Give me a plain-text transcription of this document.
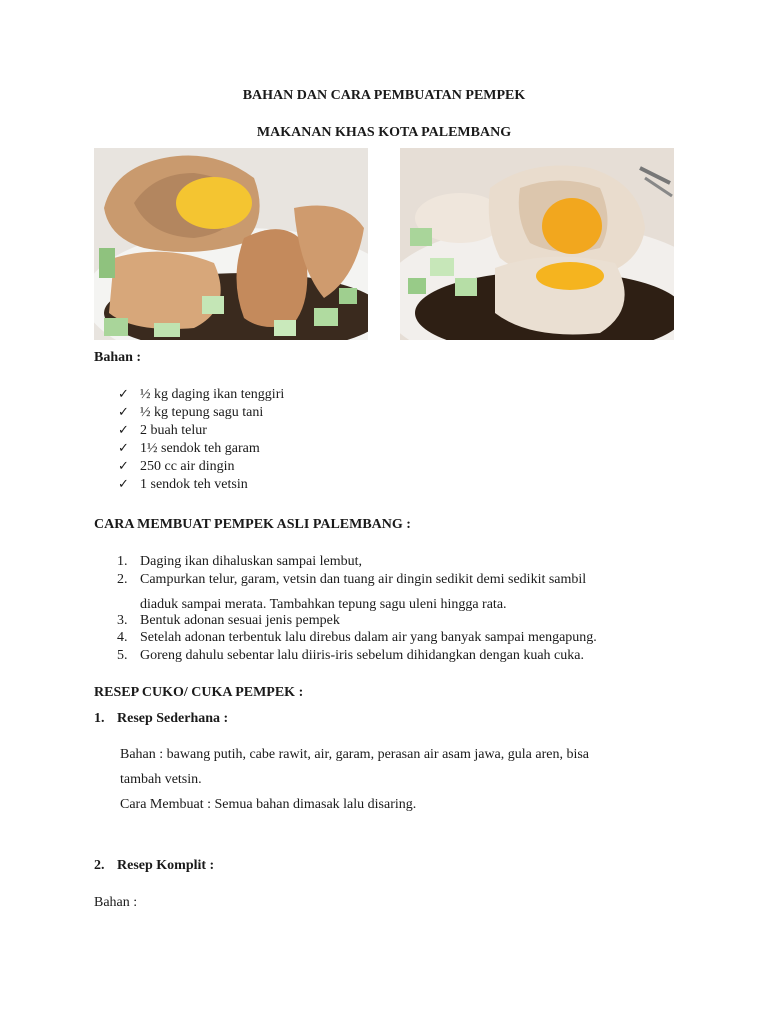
BAHAN DAN CARA PEMBUATAN PEMPEK
MAKANAN KHAS KOTA PALEMBANG
Bahan :
✓ ½ kg daging ikan tenggiri
✓ ½ kg tepung sagu tani
✓ 2 buah telur
✓ 1½ sendok teh garam
✓ 250 cc air dingin
✓ 1 sendok teh vetsin
CARA MEMBUAT PEMPEK ASLI PALEMBANG :
1. Daging ikan dihaluskan sampai lembut,
2. Campurkan telur, garam, vetsin dan tuang air dingin sedikit demi sedikit sambil
diaduk sampai merata. Tambahkan tepung sagu uleni hingga rata.
3. Bentuk adonan sesuai jenis pempek
4. Setelah adonan terbentuk lalu direbus dalam air yang banyak sampai mengapung.
5. Goreng dahulu sebentar lalu diiris-iris sebelum dihidangkan dengan kuah cuka.
RESEP CUKO/ CUKA PEMPEK :
1. Resep Sederhana :
Bahan : bawang putih, cabe rawit, air, garam, perasan air asam jawa, gula aren, bisa
tambah vetsin.
Cara Membuat : Semua bahan dimasak lalu disaring.
2. Resep Komplit :
Bahan :
